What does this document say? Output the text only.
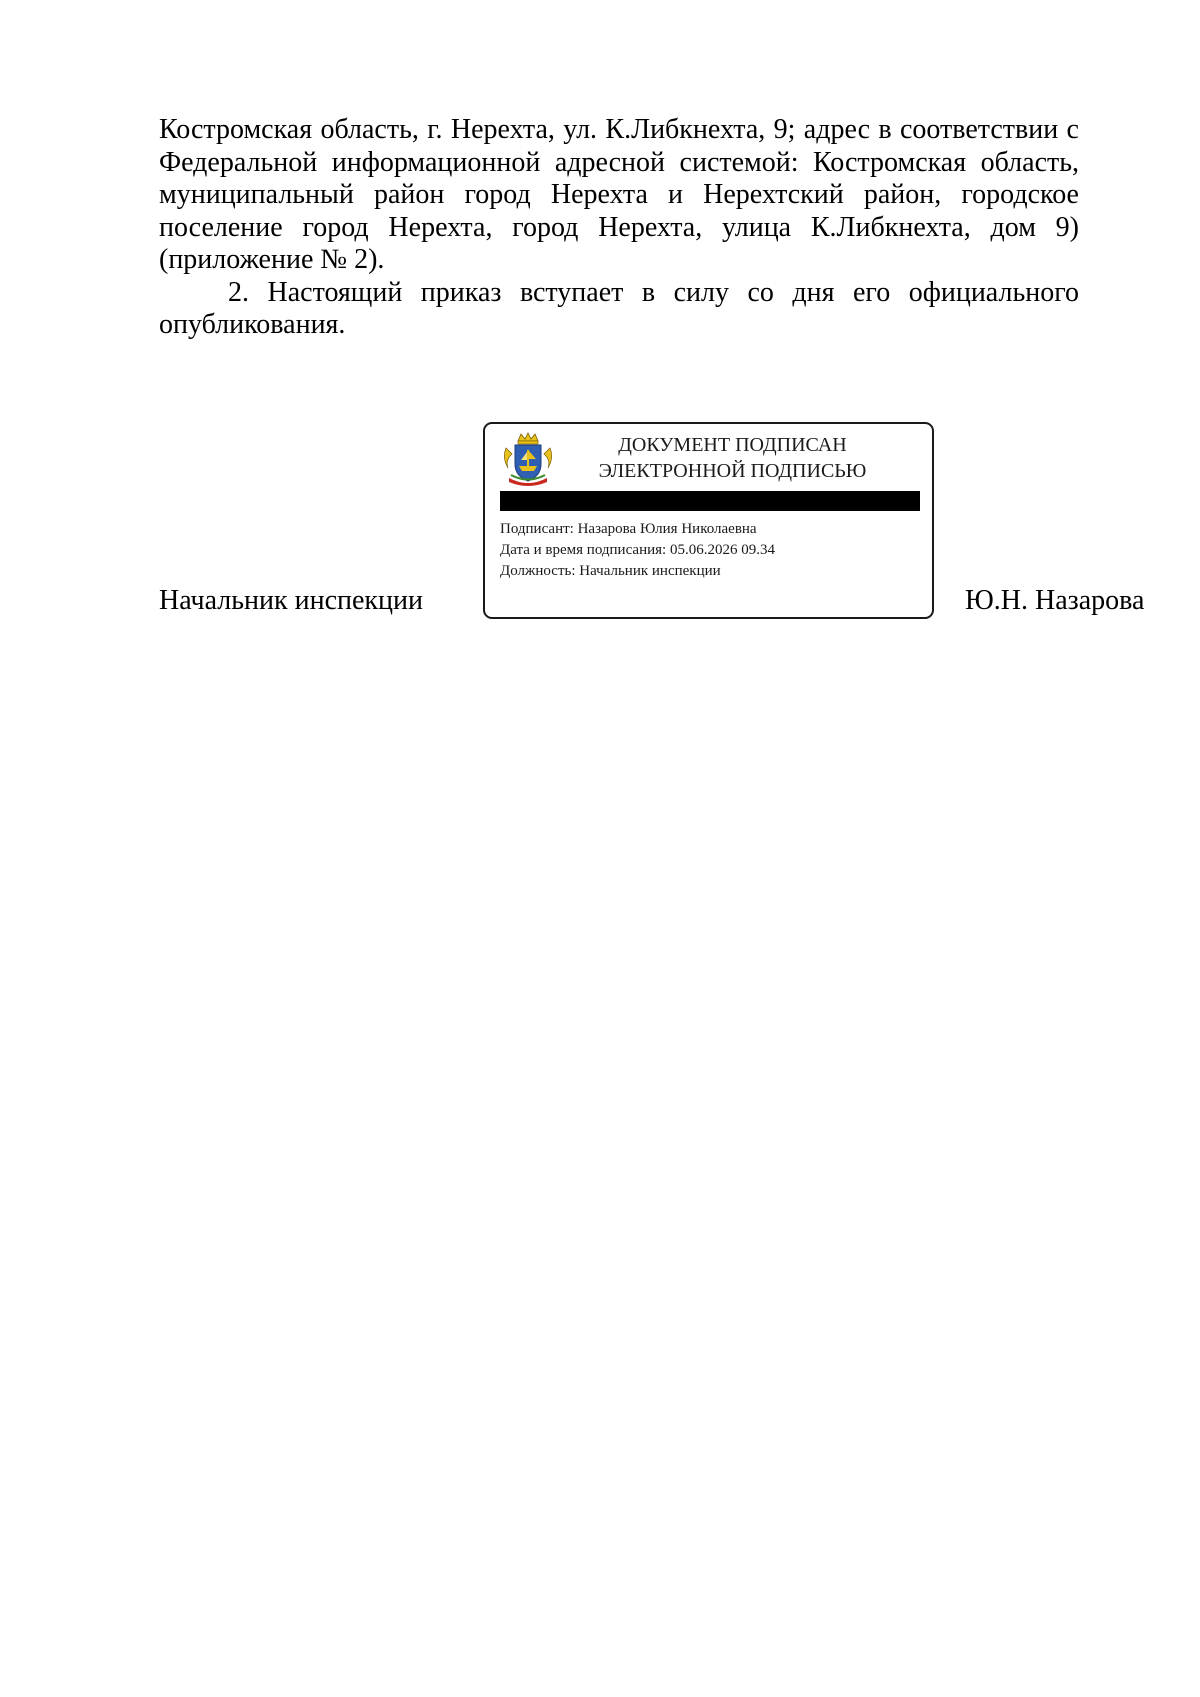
Костромская область, г. Нерехта, ул. К.Либкнехта, 9; адрес в соответствии с Федеральной информационной адресной системой: Костромская область, муниципальный район город Нерехта и Нерехтский район, городское поселение город Нерехта, город Нерехта, улица К.Либкнехта, дом 9) (приложение № 2).

2. Настоящий приказ вступает в силу со дня его официального опубликования.

Начальник инспекции
ДОКУМЕНТ ПОДПИСАН
ЭЛЕКТРОННОЙ ПОДПИСЬЮ
Подписант: Назарова Юлия Николаевна
Дата и время подписания: 05.06.2026 09.34
Должность: Начальник инспекции
Ю.Н. Назарова
